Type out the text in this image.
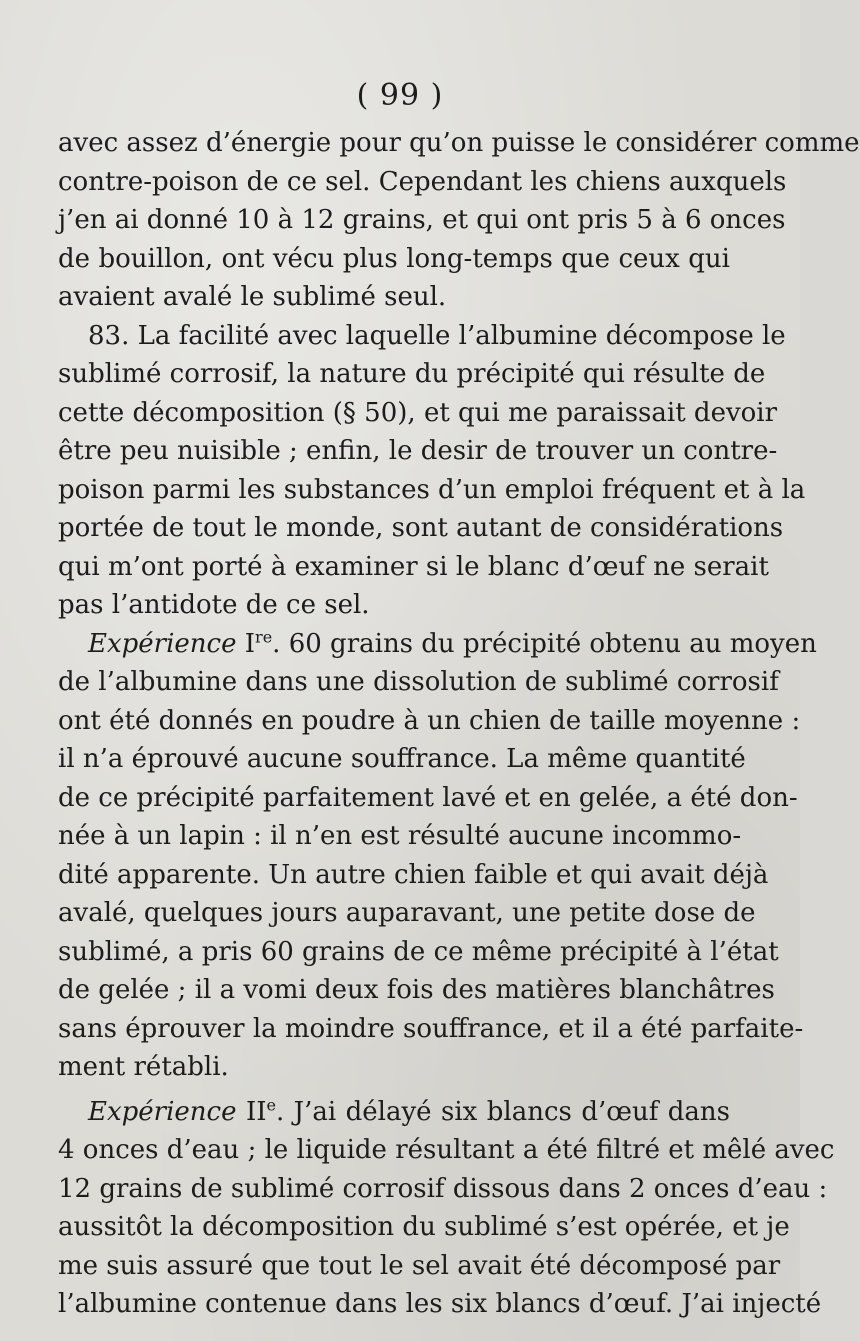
( 99 )
avec assez d’énergie pour qu’on puisse le considérer comme
contre-poison de ce sel. Cependant les chiens auxquels
j’en ai donné 10 à 12 grains, et qui ont pris 5 à 6 onces
de bouillon, ont vécu plus long-temps que ceux qui
avaient avalé le sublimé seul.
83. La facilité avec laquelle l’albumine décompose le
sublimé corrosif, la nature du précipité qui résulte de
cette décomposition (§ 50), et qui me paraissait devoir
être peu nuisible ; enfin, le desir de trouver un contre-
poison parmi les substances d’un emploi fréquent et à la
portée de tout le monde, sont autant de considérations
qui m’ont porté à examiner si le blanc d’œuf ne serait
pas l’antidote de ce sel.
Expérience Ire. 60 grains du précipité obtenu au moyen
de l’albumine dans une dissolution de sublimé corrosif
ont été donnés en poudre à un chien de taille moyenne :
il n’a éprouvé aucune souffrance. La même quantité
de ce précipité parfaitement lavé et en gelée, a été don-
née à un lapin : il n’en est résulté aucune incommo-
dité apparente. Un autre chien faible et qui avait déjà
avalé, quelques jours auparavant, une petite dose de
sublimé, a pris 60 grains de ce même précipité à l’état
de gelée ; il a vomi deux fois des matières blanchâtres
sans éprouver la moindre souffrance, et il a été parfaite-
ment rétabli.
Expérience IIe. J’ai délayé six blancs d’œuf dans
4 onces d’eau ; le liquide résultant a été filtré et mêlé avec
12 grains de sublimé corrosif dissous dans 2 onces d’eau :
aussitôt la décomposition du sublimé s’est opérée, et je
me suis assuré que tout le sel avait été décomposé par
l’albumine contenue dans les six blancs d’œuf. J’ai injecté
